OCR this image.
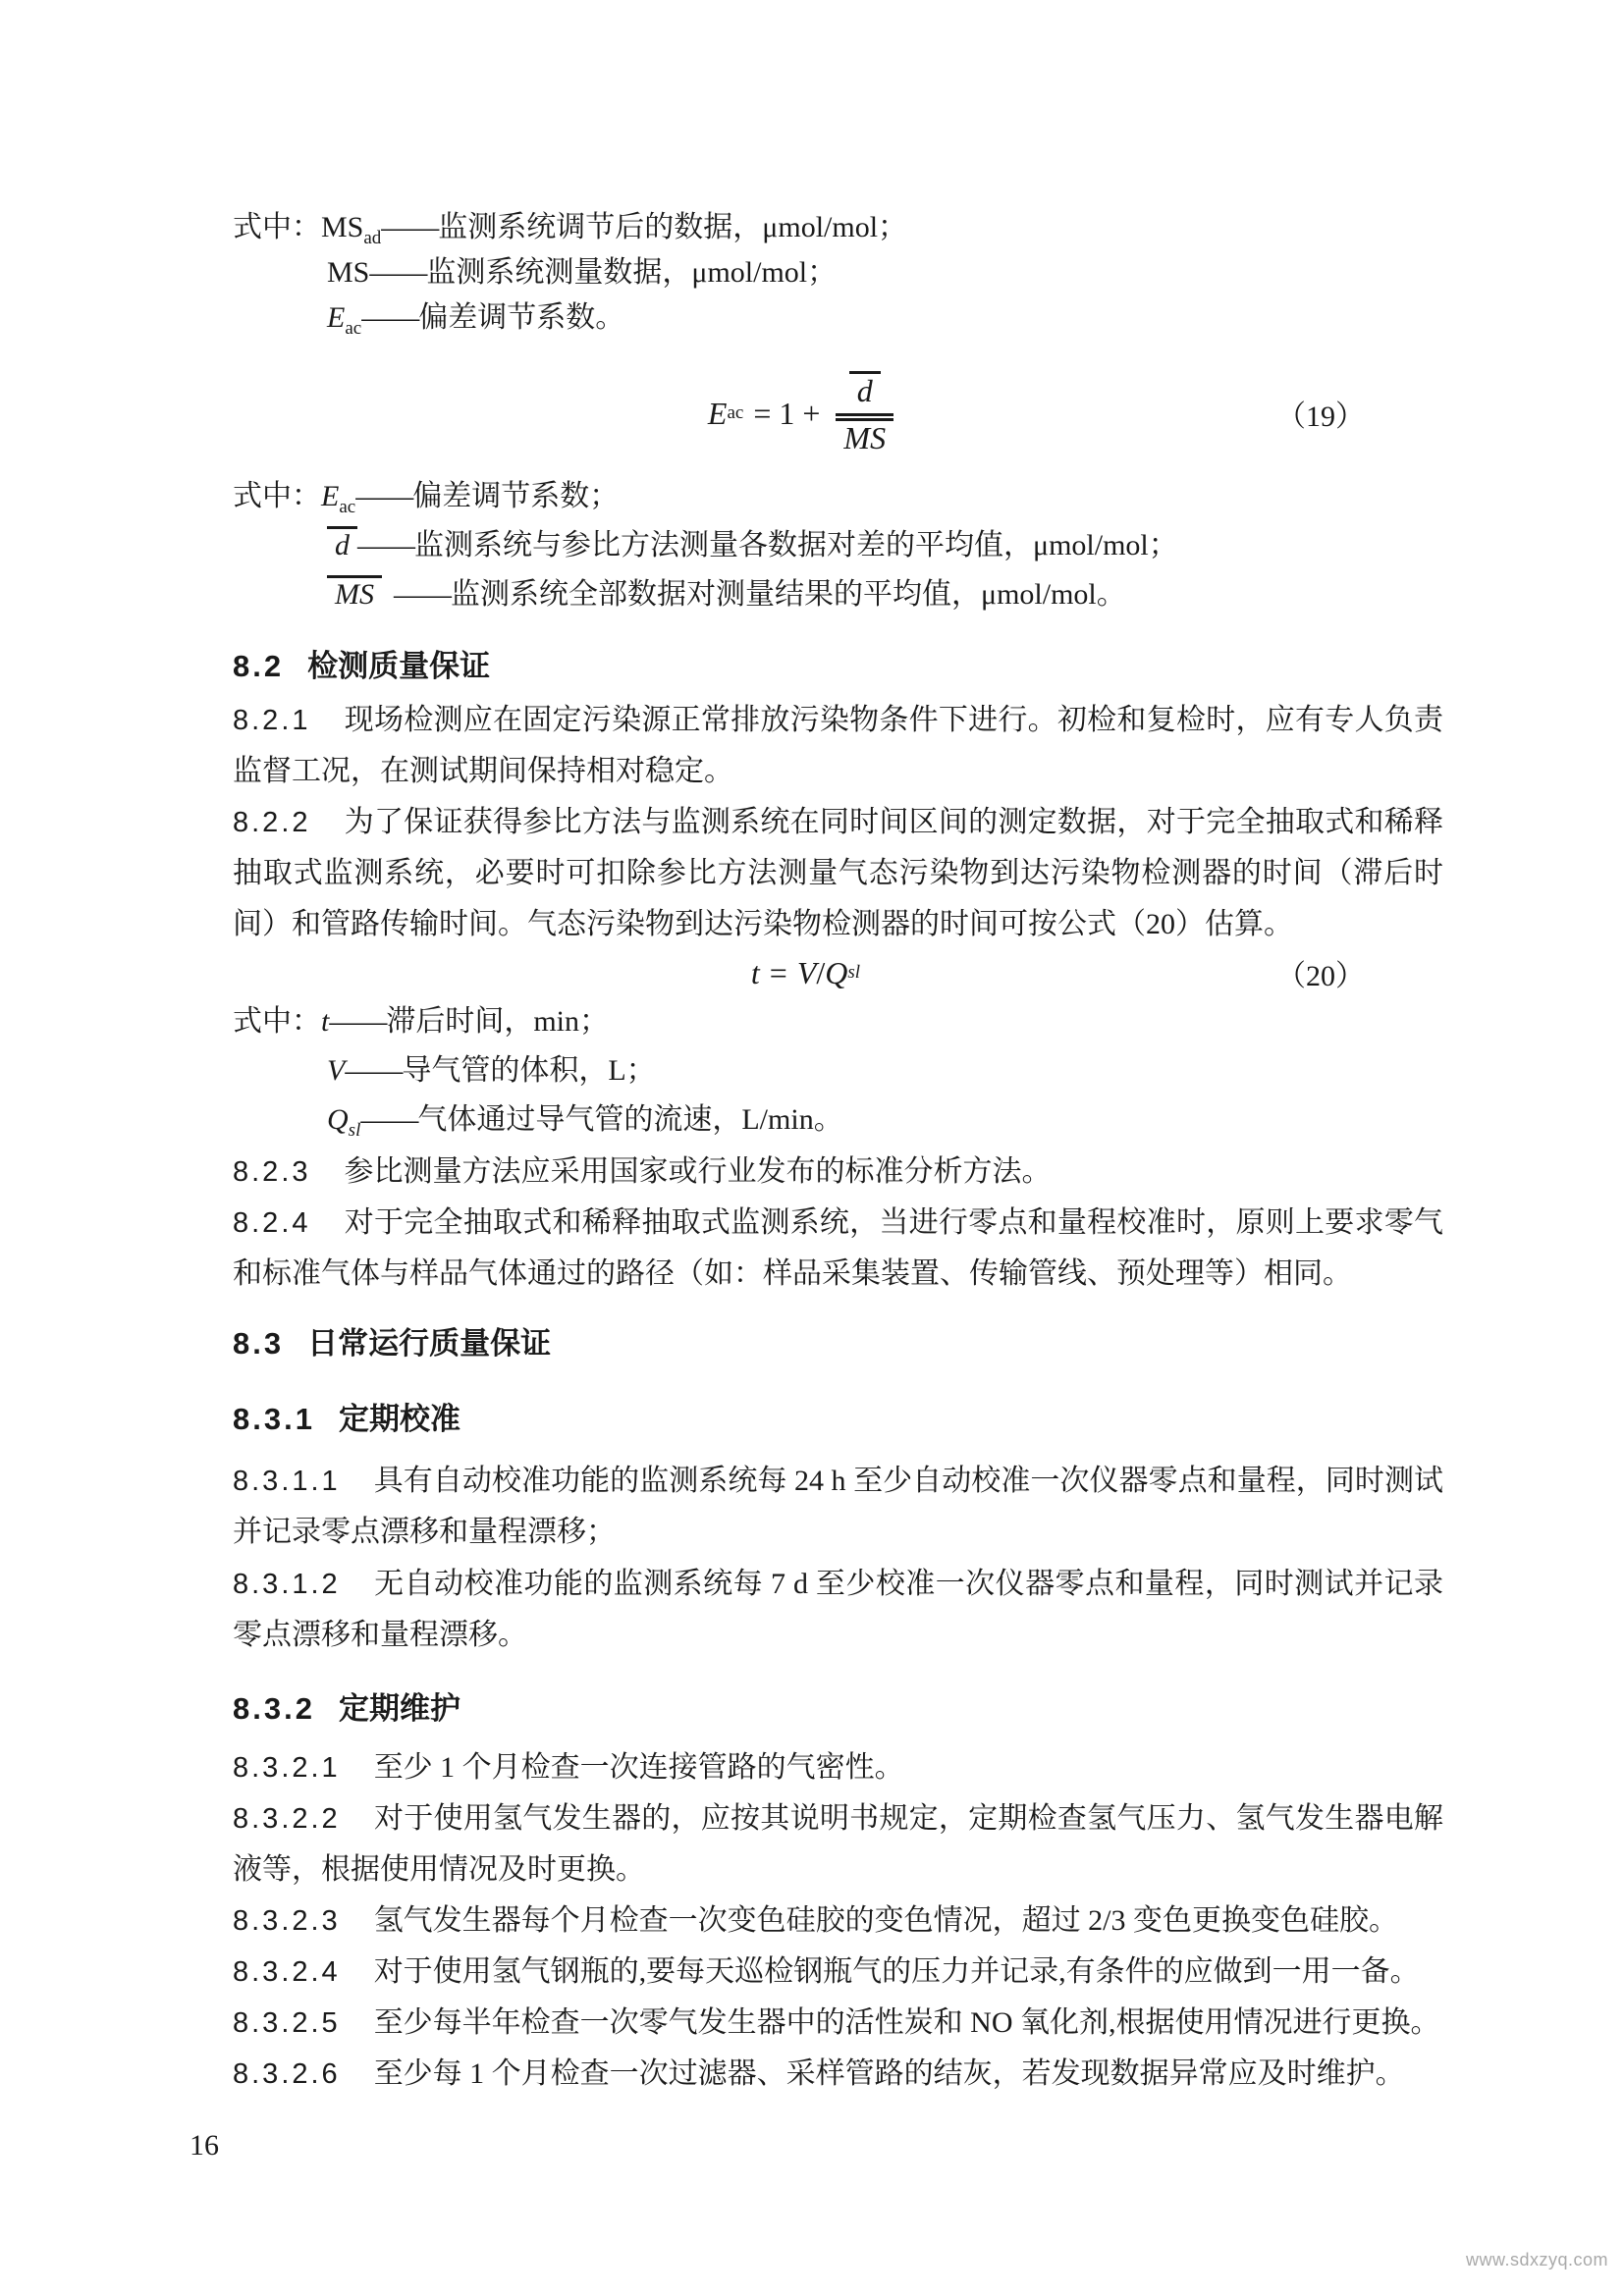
式中：$MS_{ad}——$监测系统调节后的数据，μmol/mol；
MS——监测系统测量数据，μmol/mol；
$E_{ac}——$偏差调节系数。
E ac = $1 + \frac{d}{MS}$	（19）
式中：$E_{ac}——$偏差调节系数；
d ——监测系统与参比方法测量各数据对差的平均值，μmol/mol；
MS ——监测系统全部数据对测量结果的平均值，μmol/mol。
8.2 检测质量保证

8.2.1 现场检测应在固定污染源正常排放污染物条件下进行。初检和复检时，应有专人负责监督工况，在测试期间保持相对稳定。

8.2.2 为了保证获得参比方法与监测系统在同时间区间的测定数据，对于完全抽取式和稀释抽取式监测系统，必要时可扣除参比方法测量气态污染物到达污染物检测器的时间（滞后时间）和管路传输时间。气态污染物到达污染物检测器的时间可按公式（20）估算。

t = V / Q sl	（20）
式中：t——滞后时间，min；
V——导气管的体积，L；
$Q_{sl}——$气体通过导气管的流速，L/min。

8.2.3 参比测量方法应采用国家或行业发布的标准分析方法。

8.2.4 对于完全抽取式和稀释抽取式监测系统，当进行零点和量程校准时，原则上要求零气和标准气体与样品气体通过的路径（如：样品采集装置、传输管线、预处理等）相同。

8.3 日常运行质量保证
8.3.1 定期校准

8.3.1.1 具有自动校准功能的监测系统每 24 h 至少自动校准一次仪器零点和量程，同时测试并记录零点漂移和量程漂移；

8.3.1.2 无自动校准功能的监测系统每 7 d 至少校准一次仪器零点和量程，同时测试并记录零点漂移和量程漂移。

8.3.2 定期维护

8.3.2.1 至少 1 个月检查一次连接管路的气密性。

8.3.2.2 对于使用氢气发生器的，应按其说明书规定，定期检查氢气压力、氢气发生器电解液等，根据使用情况及时更换。

8.3.2.3 氢气发生器每个月检查一次变色硅胶的变色情况，超过 2/3 变色更换变色硅胶。

8.3.2.4 对于使用氢气钢瓶的,要每天巡检钢瓶气的压力并记录,有条件的应做到一用一备。

8.3.2.5 至少每半年检查一次零气发生器中的活性炭和 NO 氧化剂,根据使用情况进行更换。

8.3.2.6 至少每 1 个月检查一次过滤器、采样管路的结灰，若发现数据异常应及时维护。

16
www.sdxzyq.com
